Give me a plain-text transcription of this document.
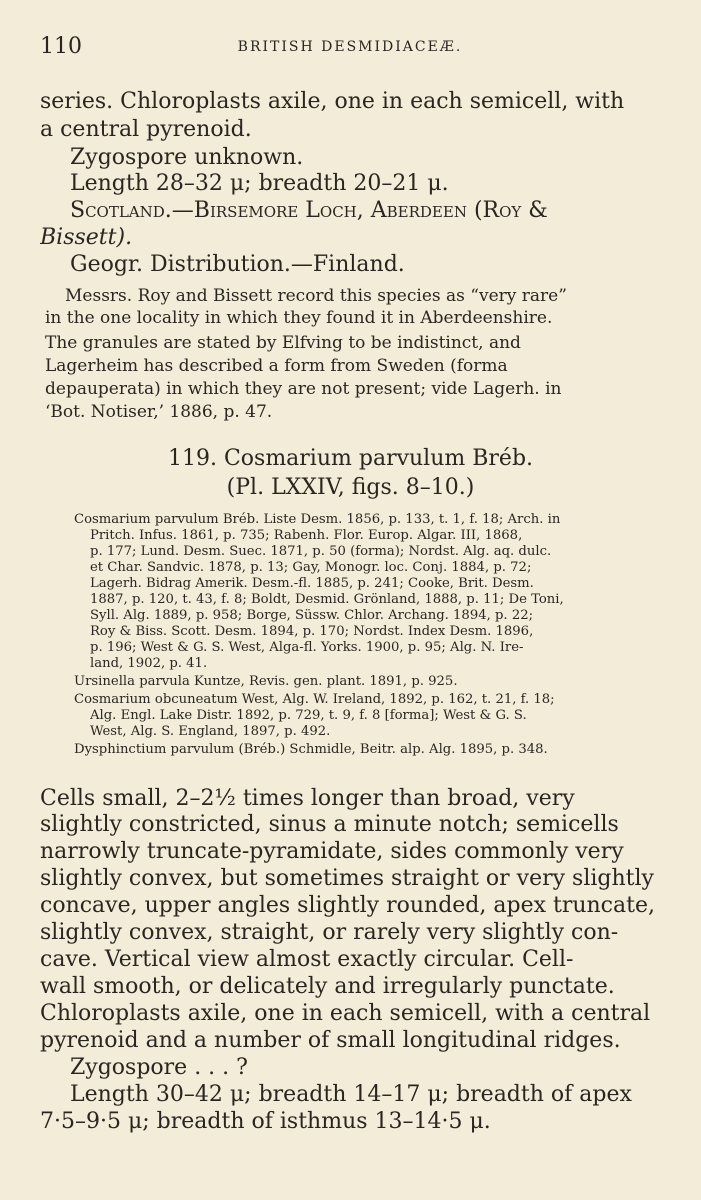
110	BRITISH DESMIDIACEÆ.
series. Chloroplasts axile, one in each semicell, with
a central pyrenoid.
Zygospore unknown.
Length 28–32 μ; breadth 20–21 μ.
Scotland.—Birsemore Loch, Aberdeen (Roy &
Bissett).
Geogr. Distribution.—Finland.
Messrs. Roy and Bissett record this species as “very rare”
in the one locality in which they found it in Aberdeenshire.
The granules are stated by Elfving to be indistinct, and
Lagerheim has described a form from Sweden (forma
depauperata) in which they are not present; vide Lagerh. in
‘Bot. Notiser,’ 1886, p. 47.
119. Cosmarium parvulum Bréb.
(Pl. LXXIV, figs. 8–10.)
Cosmarium parvulum Bréb. Liste Desm. 1856, p. 133, t. 1, f. 18; Arch. in
Pritch. Infus. 1861, p. 735; Rabenh. Flor. Europ. Algar. III, 1868,
p. 177; Lund. Desm. Suec. 1871, p. 50 (forma); Nordst. Alg. aq. dulc.
et Char. Sandvic. 1878, p. 13; Gay, Monogr. loc. Conj. 1884, p. 72;
Lagerh. Bidrag Amerik. Desm.-fl. 1885, p. 241; Cooke, Brit. Desm.
1887, p. 120, t. 43, f. 8; Boldt, Desmid. Grönland, 1888, p. 11; De Toni,
Syll. Alg. 1889, p. 958; Borge, Süssw. Chlor. Archang. 1894, p. 22;
Roy & Biss. Scott. Desm. 1894, p. 170; Nordst. Index Desm. 1896,
p. 196; West & G. S. West, Alga-fl. Yorks. 1900, p. 95; Alg. N. Ire-
land, 1902, p. 41.
Ursinella parvula Kuntze, Revis. gen. plant. 1891, p. 925.
Cosmarium obcuneatum West, Alg. W. Ireland, 1892, p. 162, t. 21, f. 18;
Alg. Engl. Lake Distr. 1892, p. 729, t. 9, f. 8 [forma]; West & G. S.
West, Alg. S. England, 1897, p. 492.
Dysphinctium parvulum (Bréb.) Schmidle, Beitr. alp. Alg. 1895, p. 348.
Cells small, 2–2½ times longer than broad, very
slightly constricted, sinus a minute notch; semicells
narrowly truncate-pyramidate, sides commonly very
slightly convex, but sometimes straight or very slightly
concave, upper angles slightly rounded, apex truncate,
slightly convex, straight, or rarely very slightly con-
cave. Vertical view almost exactly circular. Cell-
wall smooth, or delicately and irregularly punctate.
Chloroplasts axile, one in each semicell, with a central
pyrenoid and a number of small longitudinal ridges.
Zygospore . . . ?
Length 30–42 μ; breadth 14–17 μ; breadth of apex
7·5–9·5 μ; breadth of isthmus 13–14·5 μ.
